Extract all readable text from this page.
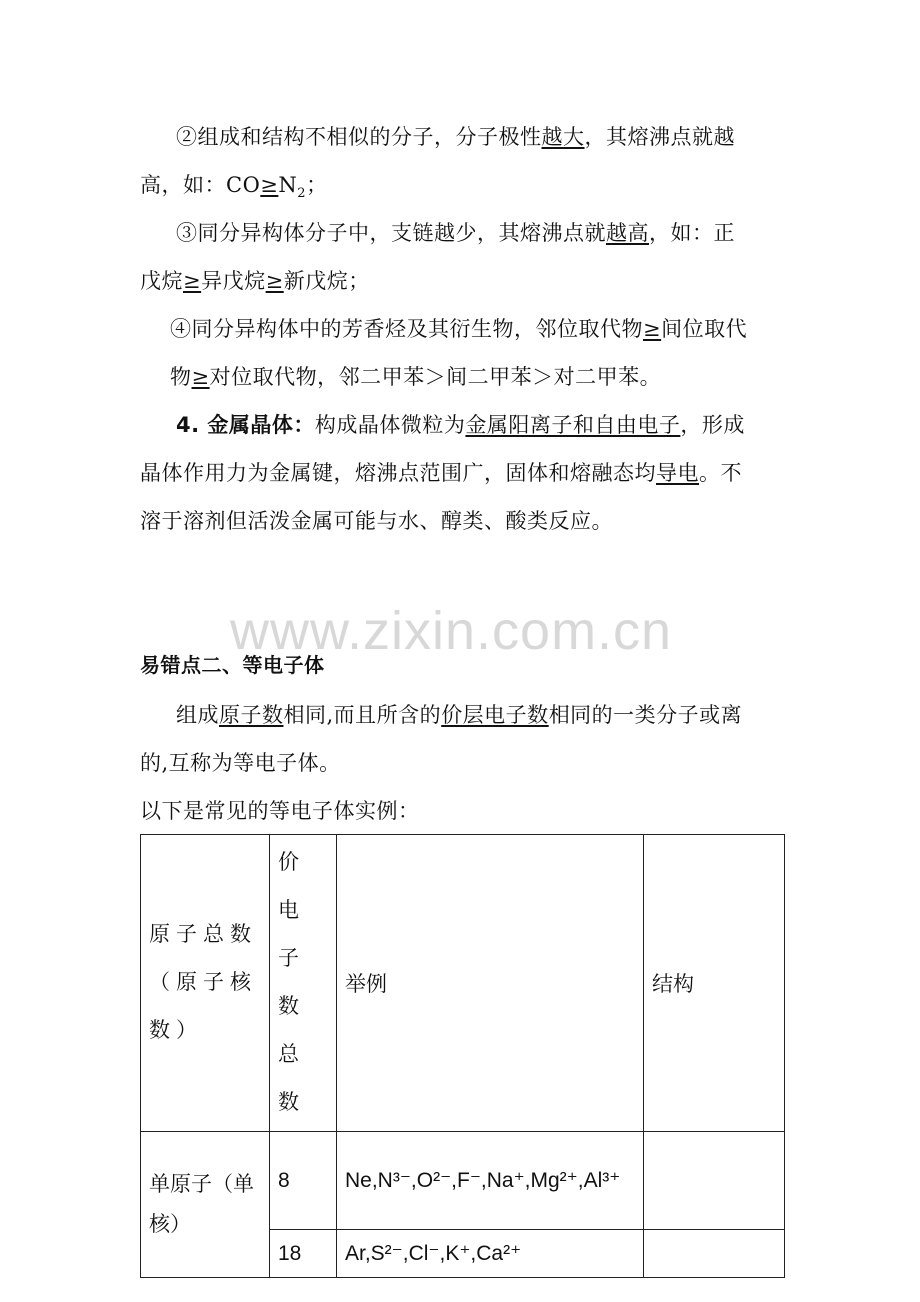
②组成和结构不相似的分子，分子极性越大，其熔沸点就越
高，如：$CO\ge N_2$；
③同分异构体分子中，支链越少，其熔沸点就越高，如：正
戊烷≥异戊烷≥新戊烷；
④同分异构体中的芳香烃及其衍生物，邻位取代物≥间位取代
物≥对位取代物，邻二甲苯＞间二甲苯＞对二甲苯。
4. 金属晶体：构成晶体微粒为金属阳离子和自由电子，形成
晶体作用力为金属键，熔沸点范围广，固体和熔融态均导电。不
溶于溶剂但活泼金属可能与水、醇类、酸类反应。
www.zixin.com.cn
易错点二、等电子体
组成原子数相同,而且所含的价层电子数相同的一类分子或离
的,互称为等电子体。
以下是常见的等电子体实例：
原子总数（原子核数）	价电子数总数	举例	结构
单原子（单核）	8	Ne,N³⁻,O²⁻,F⁻,Na⁺,Mg²⁺,Al³⁺	
	18	Ar,S²⁻,Cl⁻,K⁺,Ca²⁺	
